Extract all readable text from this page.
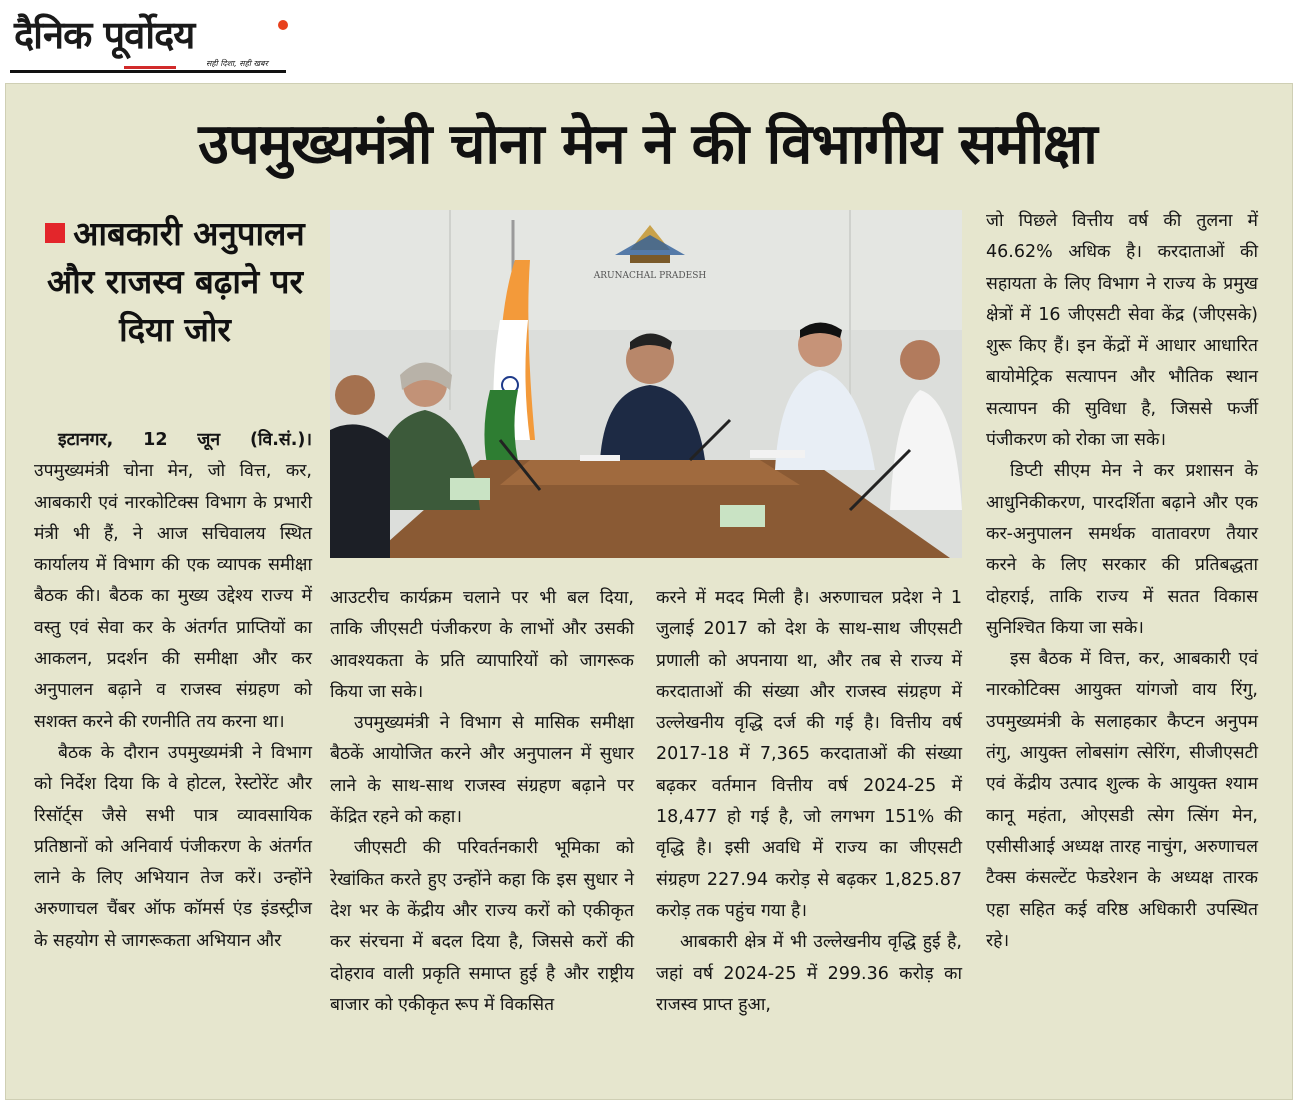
दैनिक पूर्वोदय
सही दिशा, सही खबर
उपमुख्यमंत्री चोना मेन ने की विभागीय समीक्षा
आबकारी अनुपालन और राजस्व बढ़ाने पर दिया जोर

इटानगर, 12 जून (वि.सं.)। उपमुख्यमंत्री चोना मेन, जो वित्त, कर, आबकारी एवं नारकोटिक्स विभाग के प्रभारी मंत्री भी हैं, ने आज सचिवालय स्थित कार्यालय में विभाग की एक व्यापक समीक्षा बैठक की। बैठक का मुख्य उद्देश्य राज्य में वस्तु एवं सेवा कर के अंतर्गत प्राप्तियों का आकलन, प्रदर्शन की समीक्षा और कर अनुपालन बढ़ाने व राजस्व संग्रहण को सशक्त करने की रणनीति तय करना था।

बैठक के दौरान उपमुख्यमंत्री ने विभाग को निर्देश दिया कि वे होटल, रेस्टोरेंट और रिसॉर्ट्स जैसे सभी पात्र व्यावसायिक प्रतिष्ठानों को अनिवार्य पंजीकरण के अंतर्गत लाने के लिए अभियान तेज करें। उन्होंने अरुणाचल चैंबर ऑफ कॉमर्स एंड इंडस्ट्रीज के सहयोग से जागरूकता अभियान और

ARUNACHAL PRADESH

आउटरीच कार्यक्रम चलाने पर भी बल दिया, ताकि जीएसटी पंजीकरण के लाभों और उसकी आवश्यकता के प्रति व्यापारियों को जागरूक किया जा सके।

उपमुख्यमंत्री ने विभाग से मासिक समीक्षा बैठकें आयोजित करने और अनुपालन में सुधार लाने के साथ-साथ राजस्व संग्रहण बढ़ाने पर केंद्रित रहने को कहा।

जीएसटी की परिवर्तनकारी भूमिका को रेखांकित करते हुए उन्होंने कहा कि इस सुधार ने देश भर के केंद्रीय और राज्य करों को एकीकृत कर संरचना में बदल दिया है, जिससे करों की दोहराव वाली प्रकृति समाप्त हुई है और राष्ट्रीय बाजार को एकीकृत रूप में विकसित

करने में मदद मिली है। अरुणाचल प्रदेश ने 1 जुलाई 2017 को देश के साथ-साथ जीएसटी प्रणाली को अपनाया था, और तब से राज्य में करदाताओं की संख्या और राजस्व संग्रहण में उल्लेखनीय वृद्धि दर्ज की गई है। वित्तीय वर्ष 2017-18 में 7,365 करदाताओं की संख्या बढ़कर वर्तमान वित्तीय वर्ष 2024-25 में 18,477 हो गई है, जो लगभग 151% की वृद्धि है। इसी अवधि में राज्य का जीएसटी संग्रहण 227.94 करोड़ से बढ़कर 1,825.87 करोड़ तक पहुंच गया है।

आबकारी क्षेत्र में भी उल्लेखनीय वृद्धि हुई है, जहां वर्ष 2024-25 में 299.36 करोड़ का राजस्व प्राप्त हुआ,

जो पिछले वित्तीय वर्ष की तुलना में 46.62% अधिक है। करदाताओं की सहायता के लिए विभाग ने राज्य के प्रमुख क्षेत्रों में 16 जीएसटी सेवा केंद्र (जीएसके) शुरू किए हैं। इन केंद्रों में आधार आधारित बायोमेट्रिक सत्यापन और भौतिक स्थान सत्यापन की सुविधा है, जिससे फर्जी पंजीकरण को रोका जा सके।

डिप्टी सीएम मेन ने कर प्रशासन के आधुनिकीकरण, पारदर्शिता बढ़ाने और एक कर-अनुपालन समर्थक वातावरण तैयार करने के लिए सरकार की प्रतिबद्धता दोहराई, ताकि राज्य में सतत विकास सुनिश्चित किया जा सके।

इस बैठक में वित्त, कर, आबकारी एवं नारकोटिक्स आयुक्त यांगजो वाय रिंगु, उपमुख्यमंत्री के सलाहकार कैप्टन अनुपम तंगु, आयुक्त लोबसांग त्सेरिंग, सीजीएसटी एवं केंद्रीय उत्पाद शुल्क के आयुक्त श्याम कानू महंता, ओएसडी त्सेग त्सिंग मेन, एसीसीआई अध्यक्ष तारह नाचुंग, अरुणाचल टैक्स कंसल्टेंट फेडरेशन के अध्यक्ष तारक एहा सहित कई वरिष्ठ अधिकारी उपस्थित रहे।
